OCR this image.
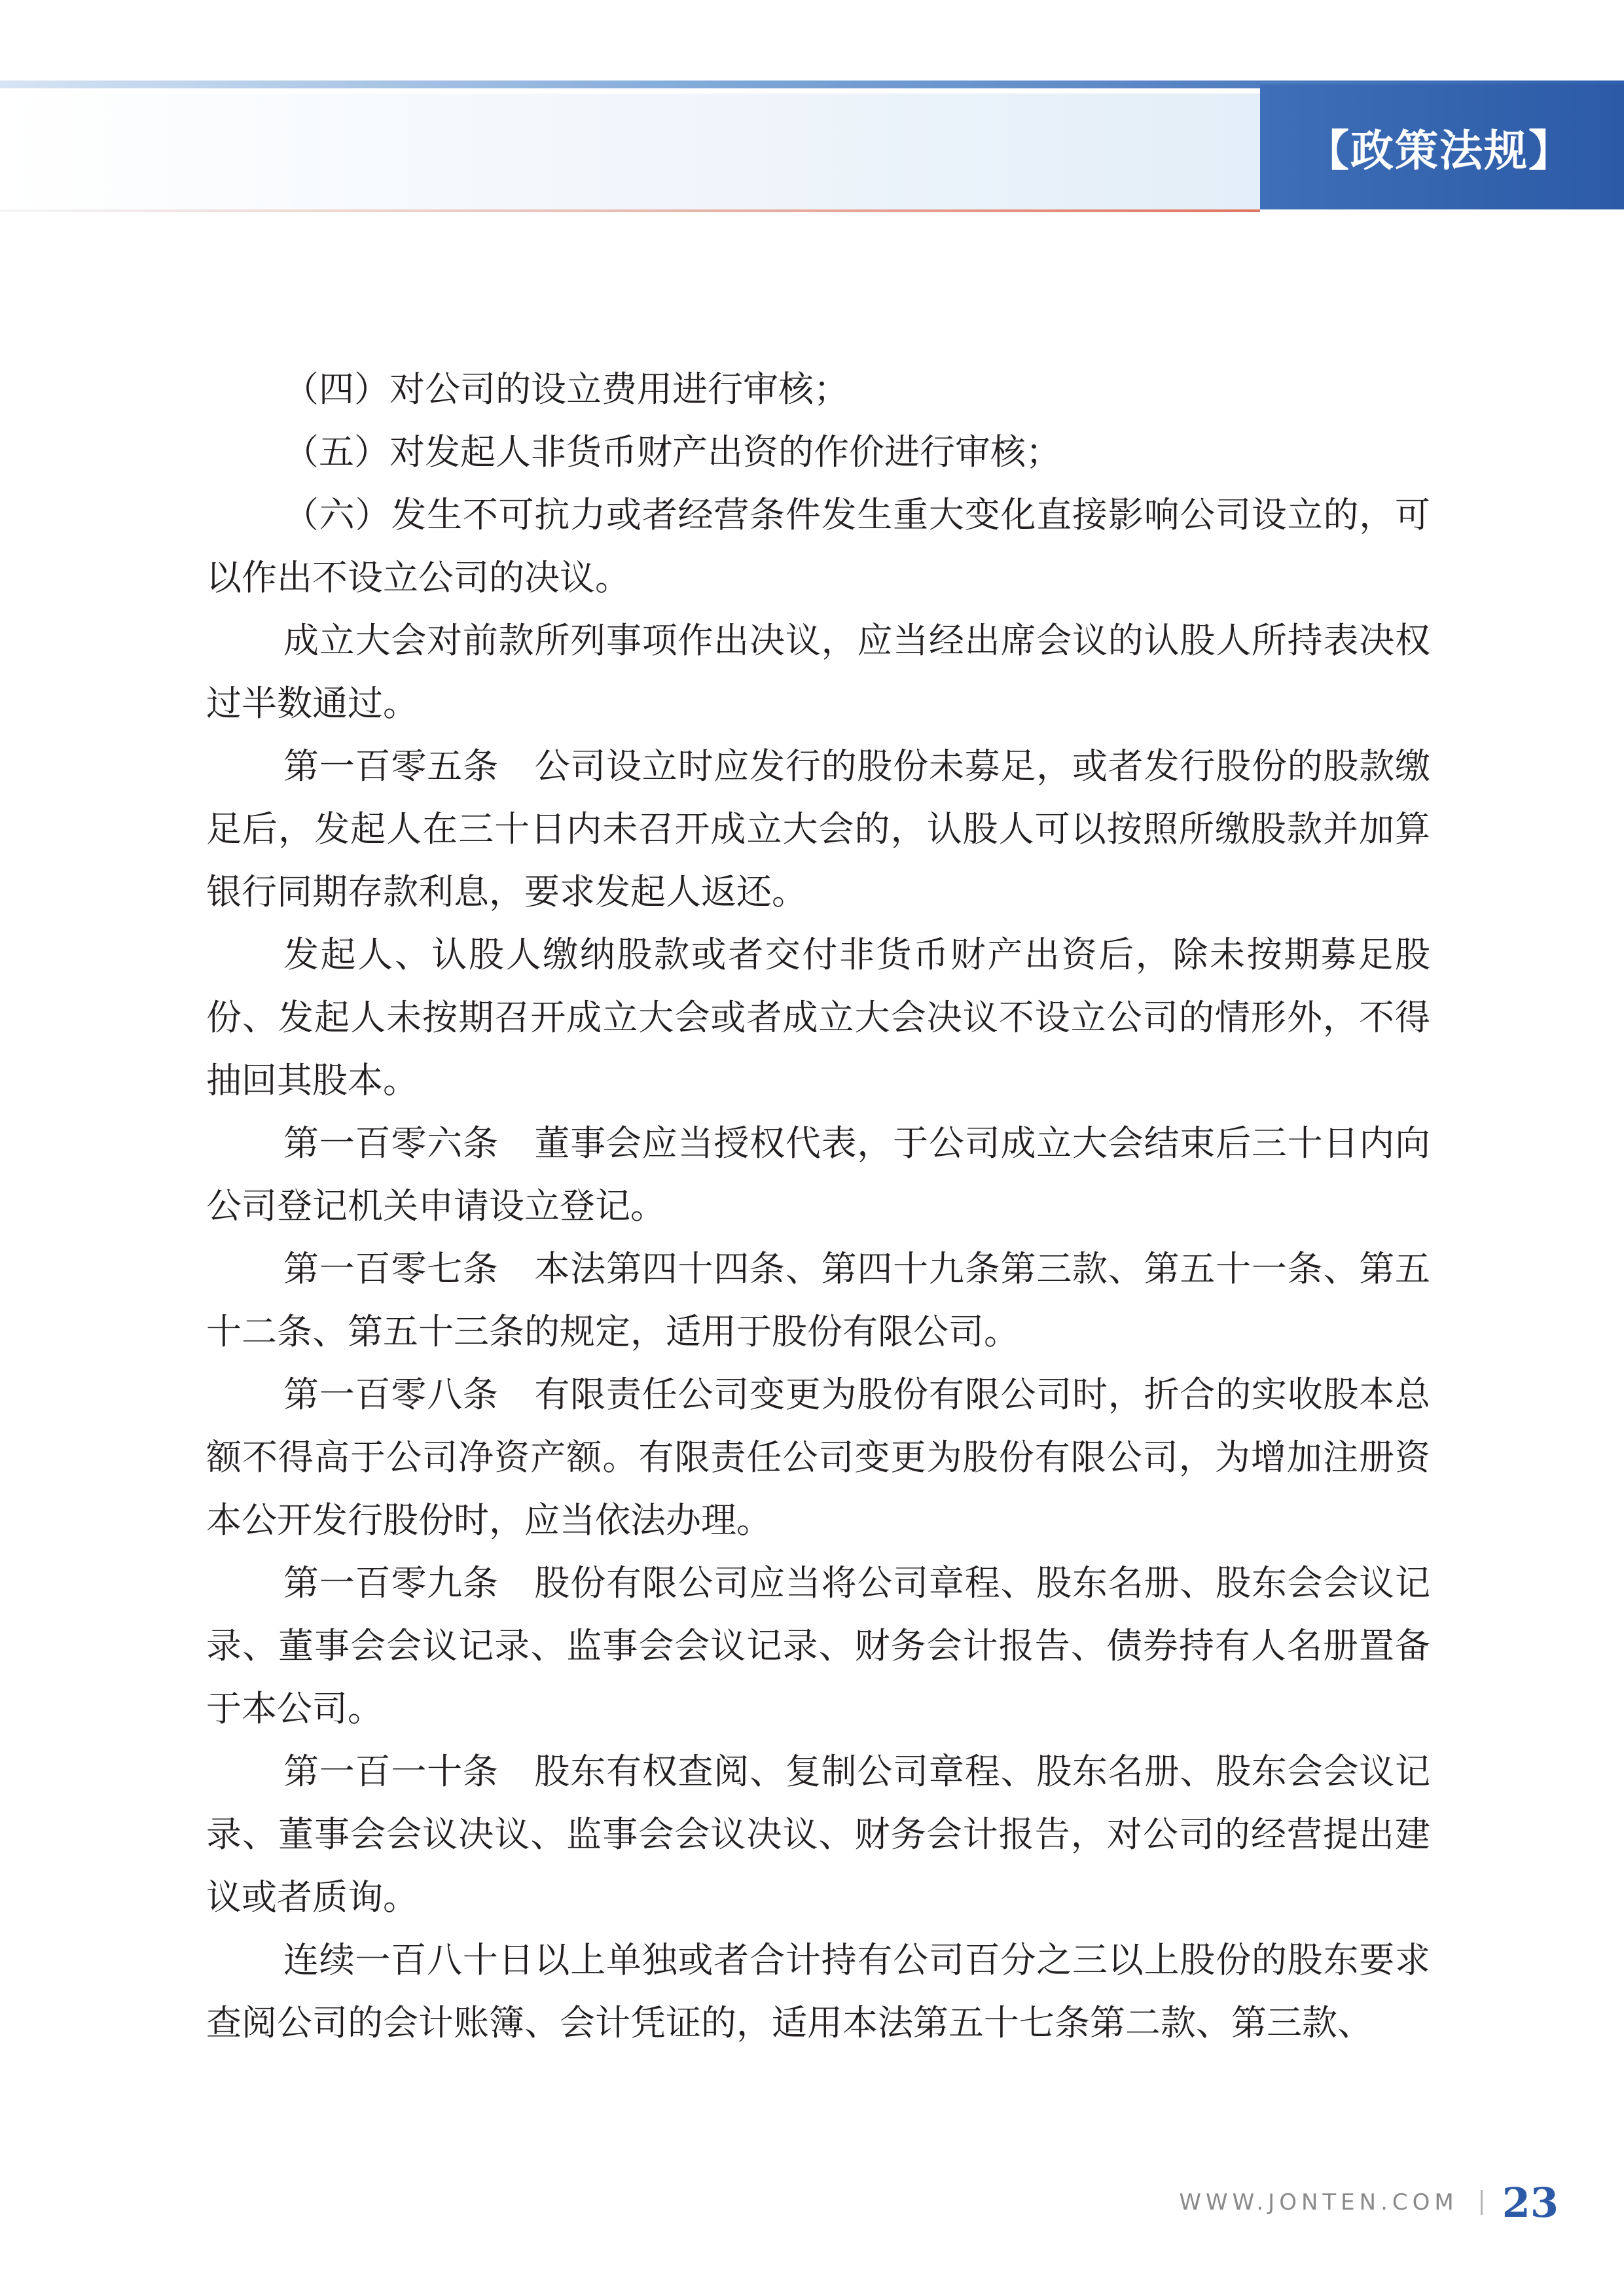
【政策法规】

（四）对公司的设立费用进行审核；

（五）对发起人非货币财产出资的作价进行审核；

（六）发生不可抗力或者经营条件发生重大变化直接影响公司设立的，可以作出不设立公司的决议。

成立大会对前款所列事项作出决议，应当经出席会议的认股人所持表决权过半数通过。

第一百零五条　公司设立时应发行的股份未募足，或者发行股份的股款缴足后，发起人在三十日内未召开成立大会的，认股人可以按照所缴股款并加算银行同期存款利息，要求发起人返还。

发起人、认股人缴纳股款或者交付非货币财产出资后，除未按期募足股份、发起人未按期召开成立大会或者成立大会决议不设立公司的情形外，不得抽回其股本。

第一百零六条　董事会应当授权代表，于公司成立大会结束后三十日内向公司登记机关申请设立登记。

第一百零七条　本法第四十四条、第四十九条第三款、第五十一条、第五十二条、第五十三条的规定，适用于股份有限公司。

第一百零八条　有限责任公司变更为股份有限公司时，折合的实收股本总额不得高于公司净资产额。有限责任公司变更为股份有限公司，为增加注册资本公开发行股份时，应当依法办理。

第一百零九条　股份有限公司应当将公司章程、股东名册、股东会会议记录、董事会会议记录、监事会会议记录、财务会计报告、债券持有人名册置备于本公司。

第一百一十条　股东有权查阅、复制公司章程、股东名册、股东会会议记录、董事会会议决议、监事会会议决议、财务会计报告，对公司的经营提出建议或者质询。

连续一百八十日以上单独或者合计持有公司百分之三以上股份的股东要求查阅公司的会计账簿、会计凭证的，适用本法第五十七条第二款、第三款、

WWW.JONTEN.COM 23
